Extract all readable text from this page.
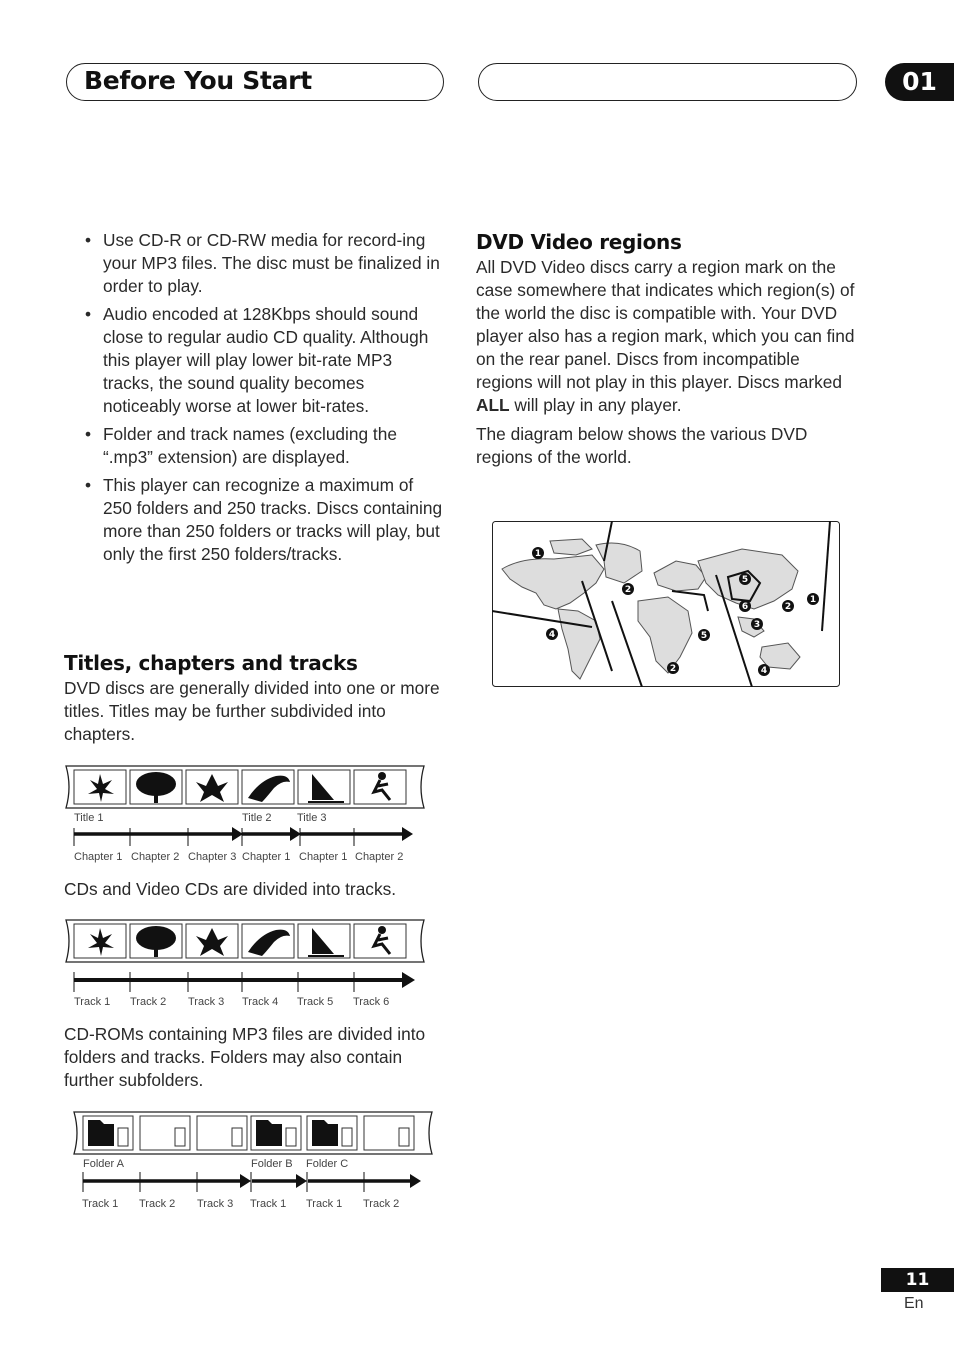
Before You Start	01
• Use CD-R or CD-RW media for record-ing your MP3 files. The disc must be finalized in order to play.
• Audio encoded at 128Kbps should sound close to regular audio CD quality. Although this player will play lower bit-rate MP3 tracks, the sound quality becomes noticeably worse at lower bit-rates.
• Folder and track names (excluding the “.mp3” extension) are displayed.
• This player can recognize a maximum of 250 folders and 250 tracks. Discs containing more than 250 folders or tracks will play, but only the first 250 folders/tracks.
Titles, chapters and tracks

DVD discs are generally divided into one or more titles. Titles may be further subdivided into chapters.

Title 1	Title 2 Title 3
Chapter 1 Chapter 2 Chapter 3 Chapter 1 Chapter 1 Chapter 2
CDs and Video CDs are divided into tracks.
Track 1 Track 2 Track 3 Track 4 Track 5 Track 6
CD-ROMs containing MP3 files are divided into folders and tracks. Folders may also contain further subfolders.
Folder A	Folder B Folder C
Track 1 Track 2 Track 3 Track 1 Track 1 Track 2
DVD Video regions

All DVD Video discs carry a region mark on the case somewhere that indicates which region(s) of the world the disc is compatible with. Your DVD player also has a region mark, which you can find on the rear panel. Discs from incompatible regions will not play in this player. Discs marked ALL will play in any player.

The diagram below shows the various DVD regions of the world.

1
2
5
6	2
1
3
4	5
2	4
11
En
